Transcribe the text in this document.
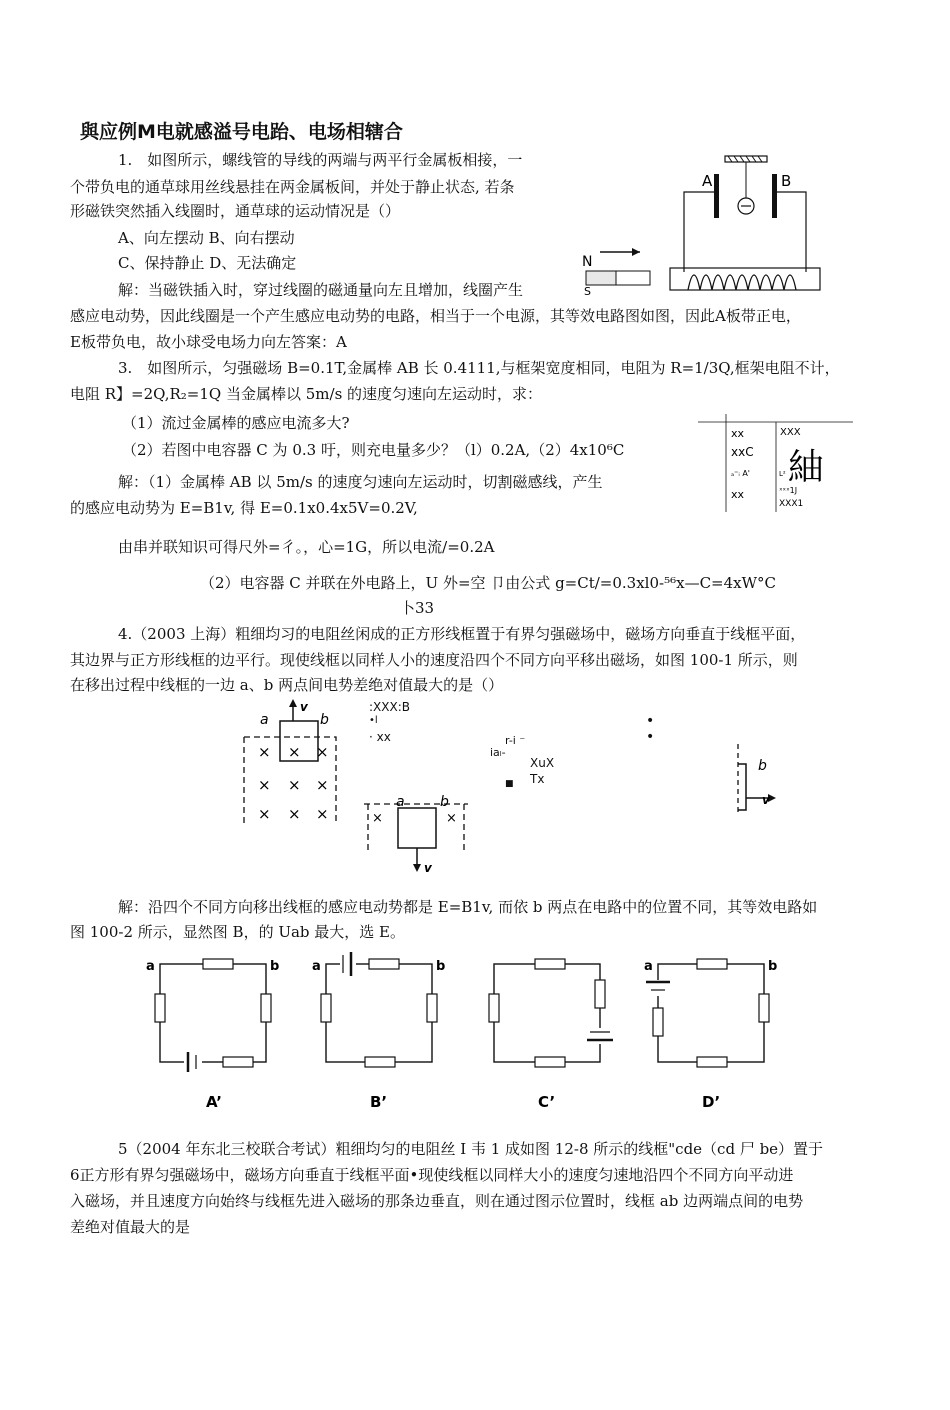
與应例M电就感溢号电跆、电场相辖合
1.　如图所示，螺线管的导线的两端与两平行金属板相接，一
个带负电的通草球用丝线悬挂在两金属板间，并处于静止状态, 若条
形磁铁突然插入线圈时，通草球的运动情况是（）
A、向左摆动 B、向右摆动
C、保持静止 D、无法确定
解：当磁铁插入时，穿过线圈的磁通量向左且增加，线圈产生
感应电动势，因此线圈是一个产生感应电动势的电路，相当于一个电源，其等效电路图如图，因此A板带正电，
E板带负电，故小球受电场力向左答案：A
A	B
N
S
3.　如图所示，匀强磁场 B=0.1T,金属棒 AB 长 0.4111,与框架宽度相同，电阻为 R=1/3Q,框架电阻不计，
电阻 R】=2Q,R₂=1Q 当金属棒以 5m/s 的速度匀速向左运动时，求：
（1）流过金属棒的感应电流多大?
（2）若图中电容器 C 为 0.3 吁，则充电量多少？（l）0.2A,（2）4x10⁶C
解：（1）金属棒 AB 以 5m/s 的速度匀速向左运动时，切割磁感线，产生
的感应电动势为 E=B1v, 得 E=0.1x0.4x5V=0.2V,
由串并联知识可得尺外=彳。，心=1G，所以电流/=0.2A
（2）电容器 C 并联在外电路上，U 外=空 卩由公式 g=Ct/=0.3xl0-⁵⁶x—C=4xW°C
卜33
xx
xxC
ₐ⁼ᵢ A'
xx
XXX
紬
L²
ˣˣˣ1J
XXX1
4.（2003 上海）粗细均习的电阻丝闲成的正方形线框置于有界匀强磁场中，磁场方向垂直于线框平面，
其边界与正方形线框的边平行。现使线框以同样人小的速度沿四个不同方向平移出磁场，如图 100-1 所示，则
在移出过程中线框的一边 a、b 两点间电势差绝对值最大的是（）
a	b
v
× × ×
× × ×
× × ×
:XXX:B
•l
· xx
a	b
×	×
v
r-i ⁻
iaₗ-
XuX
Tx
■
•
•
b
v
解：沿四个不同方向移出线框的感应电动势都是 E=B1v, 而依 b 两点在电路中的位置不同，其等效电路如
图 100-2 所示，显然图 B，的 Uab 最大，选 E。
a	b
A’
a	b
B’	C’
a	b
D’
5（2004 年东北三校联合考试）粗细均匀的电阻丝 I 韦 1 成如图 12-8 所示的线框"cde（cd 尸 be）置于
6正方形有界匀强磁场中，磁场方向垂直于线框平面•现使线框以同样大小的速度匀速地沿四个不同方向平动进
入磁场，并且速度方向始终与线框先进入磁场的那条边垂直，则在通过图示位置时，线框 ab 边两端点间的电势
差绝对值最大的是
